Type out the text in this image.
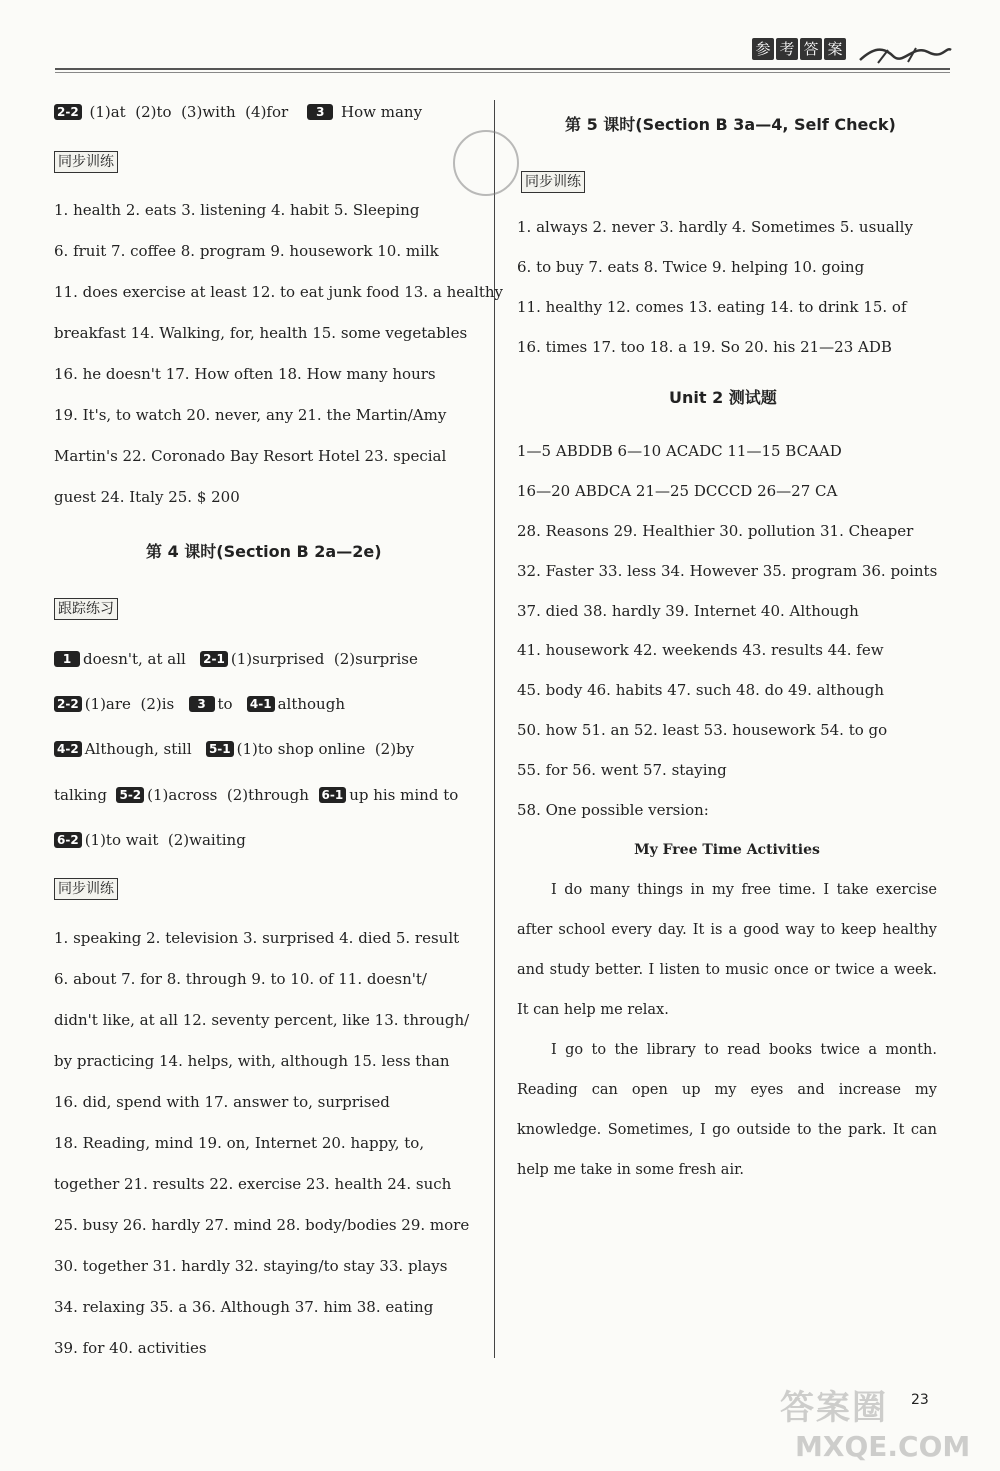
参 考 答 案
2-2 (1)at  (2)to  (3)with  (4)for 3 How many
同步训练
1. health 2. eats 3. listening 4. habit 5. Sleeping
6. fruit 7. coffee 8. program 9. housework 10. milk
11. does exercise at least 12. to eat junk food 13. a healthy
breakfast 14. Walking, for, health 15. some vegetables
16. he doesn't 17. How often 18. How many hours
19. It's, to watch 20. never, any 21. the Martin/Amy
Martin's 22. Coronado Bay Resort Hotel 23. special
guest 24. Italy 25. $ 200
第 4 课时(Section B 2a—2e)
跟踪练习
1 doesn't, at all 2-1 (1)surprised  (2)surprise
2-2 (1)are  (2)is 3 to 4-1 although
4-2 Although, still 5-1 (1)to shop online  (2)by
talking 5-2 (1)across  (2)through 6-1 up his mind to
6-2 (1)to wait  (2)waiting
同步训练
1. speaking 2. television 3. surprised 4. died 5. result
6. about 7. for 8. through 9. to 10. of 11. doesn't/
didn't like, at all 12. seventy percent, like 13. through/
by practicing 14. helps, with, although 15. less than
16. did, spend with 17. answer to, surprised
18. Reading, mind 19. on, Internet 20. happy, to,
together 21. results 22. exercise 23. health 24. such
25. busy 26. hardly 27. mind 28. body/bodies 29. more
30. together 31. hardly 32. staying/to stay 33. plays
34. relaxing 35. a 36. Although 37. him 38. eating
39. for 40. activities
第 5 课时(Section B 3a—4, Self Check)
同步训练
1. always 2. never 3. hardly 4. Sometimes 5. usually
6. to buy 7. eats 8. Twice 9. helping 10. going
11. healthy 12. comes 13. eating 14. to drink 15. of
16. times 17. too 18. a 19. So 20. his 21—23 ADB
Unit 2 测试题
1—5 ABDDB 6—10 ACADC 11—15 BCAAD
16—20 ABDCA 21—25 DCCCD 26—27 CA
28. Reasons 29. Healthier 30. pollution 31. Cheaper
32. Faster 33. less 34. However 35. program 36. points
37. died 38. hardly 39. Internet 40. Although
41. housework 42. weekends 43. results 44. few
45. body 46. habits 47. such 48. do 49. although
50. how 51. an 52. least 53. housework 54. to go
55. for 56. went 57. staying
58. One possible version:
My Free Time Activities
I do many things in my free time. I take exercise after school every day. It is a good way to keep healthy and study better. I listen to music once or twice a week. It can help me relax.
I go to the library to read books twice a month. Reading can open up my eyes and increase my knowledge. Sometimes, I go outside to the park. It can help me take in some fresh air.
答案圈
MXQE.COM
23
